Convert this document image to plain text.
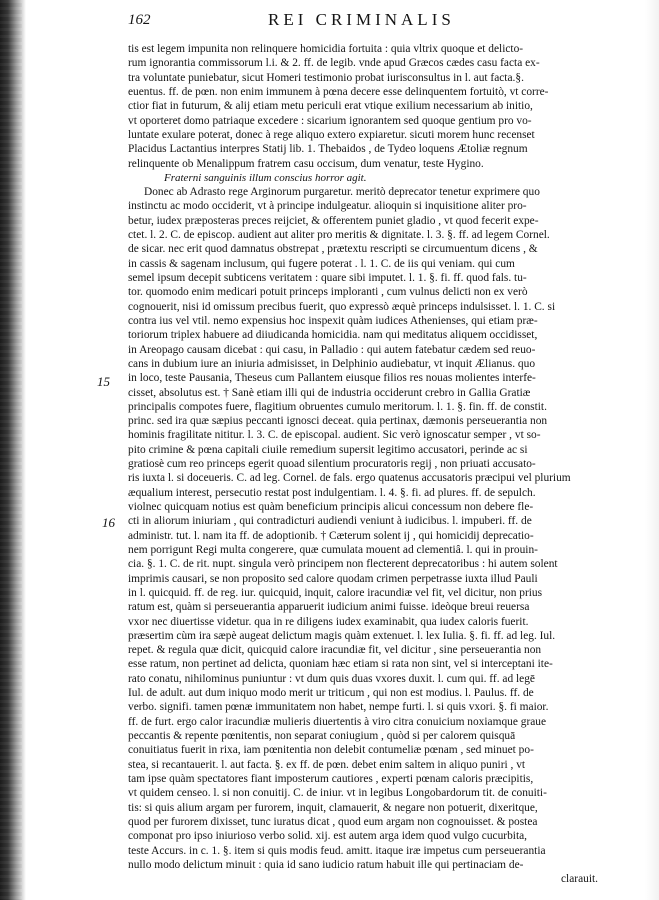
162	REI CRIMINALIS
15
16
tis est legem impunita non relinquere homicidia fortuita : quia vltrix quoque et delicto-
rum ignorantia commissorum l.i. & 2. ff. de legib. vnde apud Græcos cædes casu facta ex-
tra voluntate puniebatur, sicut Homeri testimonio probat iurisconsultus in l. aut facta.§.
euentus. ff. de pœn. non enim immunem à pœna decere esse delinquentem fortuitò, vt corre-
ctior fiat in futurum, & alij etiam metu periculi erat vtique exilium necessarium ab initio,
vt oporteret domo patriaque excedere : sicarium ignorantem sed quoque gentium pro vo-
luntate exulare poterat, donec à rege aliquo extero expiaretur. sicuti morem hunc recenset
Placidus Lactantius interpres Statij lib. 1. Thebaidos , de Tydeo loquens Ætoliæ regnum
relinquente ob Menalippum fratrem casu occisum, dum venatur, teste Hygino.
Fraterni sanguinis illum conscius horror agit.
Donec ab Adrasto rege Arginorum purgaretur. meritò deprecator tenetur exprimere quo
instinctu ac modo occiderit, vt à principe indulgeatur. alioquin si inquisitione aliter pro-
betur, iudex præposteras preces reijciet, & offerentem puniet gladio , vt quod fecerit expe-
ctet. l. 2. C. de episcop. audient aut aliter pro meritis & dignitate. l. 3. §. ff. ad legem Cornel.
de sicar. nec erit quod damnatus obstrepat , prætextu rescripti se circumuentum dicens , &
in cassis & sagenam inclusum, qui fugere poterat . l. 1. C. de iis qui veniam. qui cum
semel ipsum decepit subticens veritatem : quare sibi imputet. l. 1. §. fi. ff. quod fals. tu-
tor. quomodo enim medicari potuit princeps imploranti , cum vulnus delicti non ex verò
cognouerit, nisi id omissum precibus fuerit, quo expressò æquè princeps indulsisset. l. 1. C. si
contra ius vel vtil. nemo expensius hoc inspexit quàm iudices Athenienses, qui etiam præ-
toriorum triplex habuere ad diiudicanda homicidia. nam qui meditatus aliquem occidisset,
in Areopago causam dicebat : qui casu, in Palladio : qui autem fatebatur cædem sed reuo-
cans in dubium iure an iniuria admisisset, in Delphinio audiebatur, vt inquit Ælianus. quo
in loco, teste Pausania, Theseus cum Pallantem eiusque filios res nouas molientes interfe-
cisset, absolutus est. † Sanè etiam illi qui de industria occiderunt crebro in Gallia Gratiæ
principalis compotes fuere, flagitium obruentes cumulo meritorum. l. 1. §. fin. ff. de constit.
princ. sed ira quæ sæpius peccanti ignosci deceat. quia pertinax, dæmonis perseuerantia non
hominis fragilitate nititur. l. 3. C. de episcopal. audient. Sic verò ignoscatur semper , vt so-
pito crimine & pœna capitali ciuile remedium supersit legitimo accusatori, perinde ac si
gratiosè cum reo princeps egerit quoad silentium procuratoris regij , non priuati accusato-
ris iuxta l. si doceueris. C. ad leg. Cornel. de fals. ergo quatenus accusatoris præcipui vel plurium
æqualium interest, persecutio restat post indulgentiam. l. 4. §. fi. ad plures. ff. de sepulch.
violnec quicquam notius est quàm beneficium principis alicui concessum non debere fle-
cti in aliorum iniuriam , qui contradicturi audiendi veniunt à iudicibus. l. impuberi. ff. de
administr. tut. l. nam ita ff. de adoptionib. † Cæterum solent ij , qui homicidij deprecatio-
nem porrigunt Regi multa congerere, quæ cumulata mouent ad clementiâ. l. qui in prouin-
cia. §. 1. C. de rit. nupt. singula verò principem non flecterent deprecatoribus : hi autem solent
imprimis causari, se non proposito sed calore quodam crimen perpetrasse iuxta illud Pauli
in l. quicquid. ff. de reg. iur. quicquid, inquit, calore iracundiæ vel fit, vel dicitur, non prius
ratum est, quàm si perseuerantia apparuerit iudicium animi fuisse. ideòque breui reuersa
vxor nec diuertisse videtur. qua in re diligens iudex examinabit, qua iudex caloris fuerit.
præsertim cùm ira sæpè augeat delictum magis quàm extenuet. l. lex Iulia. §. fi. ff. ad leg. Iul.
repet. & regula quæ dicit, quicquid calore iracundiæ fit, vel dicitur , sine perseuerantia non
esse ratum, non pertinet ad delicta, quoniam hæc etiam si rata non sint, vel si interceptani ite-
rato conatu, nihilominus puniuntur : vt dum quis duas vxores duxit. l. cum qui. ff. ad legē
Iul. de adult. aut dum iniquo modo merit ur triticum , qui non est modius. l. Paulus. ff. de
verbo. signifi. tamen pœnæ immunitatem non habet, nempe furti. l. si quis vxori. §. fi maior.
ff. de furt. ergo calor iracundiæ mulieris diuertentis à viro citra conuicium noxiamque graue
peccantis & repente pœnitentis, non separat coniugium , quòd si per calorem quisquā
conuitiatus fuerit in rixa, iam pœnitentia non delebit contumeliæ pœnam , sed minuet po-
stea, si recantauerit. l. aut facta. §. ex ff. de pœn. debet enim saltem in aliquo puniri , vt
tam ipse quàm spectatores fiant imposterum cautiores , experti pœnam caloris præcipitis,
vt quidem censeo. l. si non conuitij. C. de iniur. vt in legibus Longobardorum tit. de conuiti-
tis: si quis alium argam per furorem, inquit, clamauerit, & negare non potuerit, dixeritque,
quod per furorem dixisset, tunc iuratus dicat , quod eum argam non cognouisset. & postea
componat pro ipso iniurioso verbo solid. xij. est autem arga idem quod vulgo cucurbita,
teste Accurs. in c. 1. §. item si quis modis feud. amitt. itaque iræ impetus cum perseuerantia
nullo modo delictum minuit : quia id sano iudicio ratum habuit ille qui pertinaciam de-
clarauit.
